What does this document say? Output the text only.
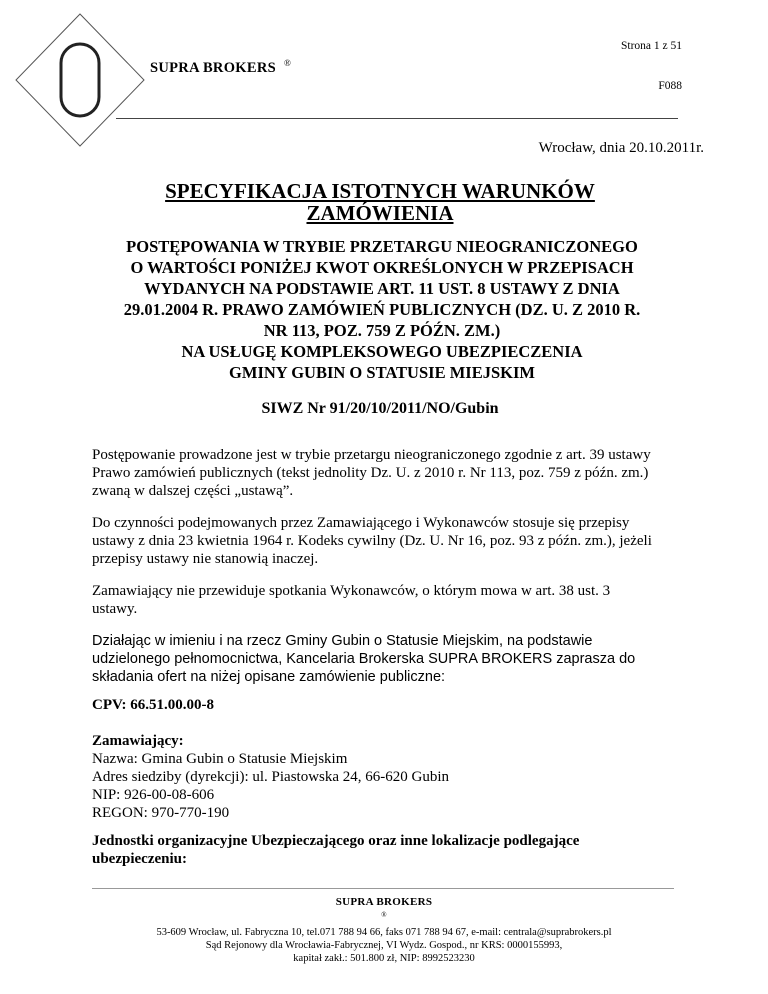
SUPRA BROKERS ®
Strona 1 z 51
F088
Wrocław, dnia 20.10.2011r.
SPECYFIKACJA ISTOTNYCH WARUNKÓW
ZAMÓWIENIA
POSTĘPOWANIA W TRYBIE PRZETARGU NIEOGRANICZONEGO
O WARTOŚCI PONIŻEJ KWOT OKREŚLONYCH W PRZEPISACH
WYDANYCH NA PODSTAWIE ART. 11 UST. 8 USTAWY Z DNIA
29.01.2004 R. PRAWO ZAMÓWIEŃ PUBLICZNYCH (DZ. U. Z 2010 R.
NR 113, POZ. 759 Z PÓŹN. ZM.)
NA USŁUGĘ KOMPLEKSOWEGO UBEZPIECZENIA
GMINY GUBIN O STATUSIE MIEJSKIM
SIWZ Nr 91/20/10/2011/NO/Gubin
Postępowanie prowadzone jest w trybie przetargu nieograniczonego zgodnie z art. 39 ustawy
Prawo zamówień publicznych (tekst jednolity Dz. U. z 2010 r. Nr 113, poz. 759 z późn. zm.)
zwaną w dalszej części „ustawą”.
Do czynności podejmowanych przez Zamawiającego i Wykonawców stosuje się przepisy
ustawy z dnia 23 kwietnia 1964 r. Kodeks cywilny (Dz. U. Nr 16, poz. 93 z późn. zm.), jeżeli
przepisy ustawy nie stanowią inaczej.
Zamawiający nie przewiduje spotkania Wykonawców, o którym mowa w art. 38 ust. 3
ustawy.
Działając w imieniu i na rzecz Gminy Gubin o Statusie Miejskim, na podstawie
udzielonego pełnomocnictwa, Kancelaria Brokerska SUPRA BROKERS zaprasza do
składania ofert na niżej opisane zamówienie publiczne:
CPV: 66.51.00.00-8
Zamawiający:
Nazwa: Gmina Gubin o Statusie Miejskim
Adres siedziby (dyrekcji): ul. Piastowska 24, 66-620 Gubin
NIP: 926-00-08-606
REGON: 970-770-190
Jednostki organizacyjne Ubezpieczającego oraz inne lokalizacje podlegające
ubezpieczeniu:
SUPRA BROKERS
®
53-609 Wrocław, ul. Fabryczna 10, tel.071 788 94 66, faks 071 788 94 67, e-mail: centrala@suprabrokers.pl
Sąd Rejonowy dla Wrocławia-Fabrycznej, VI Wydz. Gospod., nr KRS: 0000155993,
kapitał zakł.: 501.800 zł, NIP: 8992523230
